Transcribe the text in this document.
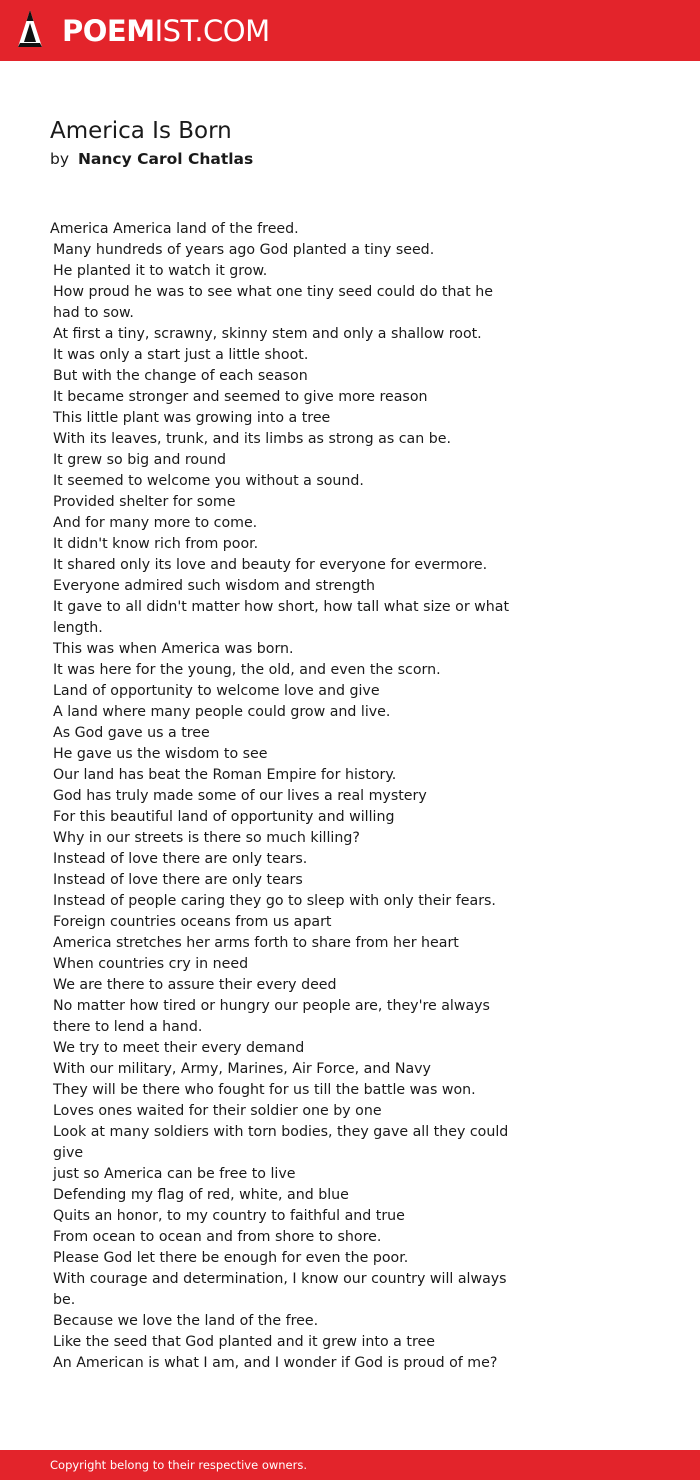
POEMIST.COM
America Is Born
by Nancy Carol Chatlas
America America land of the freed.
Many hundreds of years ago God planted a tiny seed.
He planted it to watch it grow.
How proud he was to see what one tiny seed could do that he had to sow.
At first a tiny, scrawny, skinny stem and only a shallow root.
It was only a start just a little shoot.
But with the change of each season
It became stronger and seemed to give more reason
This little plant was growing into a tree
With its leaves, trunk, and its limbs as strong as can be.
It grew so big and round
It seemed to welcome you without a sound.
Provided shelter for some
And for many more to come.
It didn't know rich from poor.
It shared only its love and beauty for everyone for evermore.
Everyone admired such wisdom and strength
It gave to all didn't matter how short, how tall what size or what length.
This was when America was born.
It was here for the young, the old, and even the scorn.
Land of opportunity to welcome love and give
A land where many people could grow and live.
As God gave us a tree
He gave us the wisdom to see
Our land has beat the Roman Empire for history.
God has truly made some of our lives a real mystery
For this beautiful land of opportunity and willing
Why in our streets is there so much killing?
Instead of love there are only tears.
Instead of love there are only tears
Instead of people caring they go to sleep with only their fears.
Foreign countries oceans from us apart
America stretches her arms forth to share from her heart
When countries cry in need
We are there to assure their every deed
No matter how tired or hungry our people are, they're always there to lend a hand.
We try to meet their every demand
With our military, Army, Marines, Air Force, and Navy
They will be there who fought for us till the battle was won.
Loves ones waited for their soldier one by one
Look at many soldiers with torn bodies, they gave all they could give
just so America can be free to live
Defending my flag of red, white, and blue
Quits an honor, to my country to faithful and true
From ocean to ocean and from shore to shore.
Please God let there be enough for even the poor.
With courage and determination, I know our country will always be.
Because we love the land of the free.
Like the seed that God planted and it grew into a tree
An American is what I am, and I wonder if God is proud of me?
Copyright belong to their respective owners.
